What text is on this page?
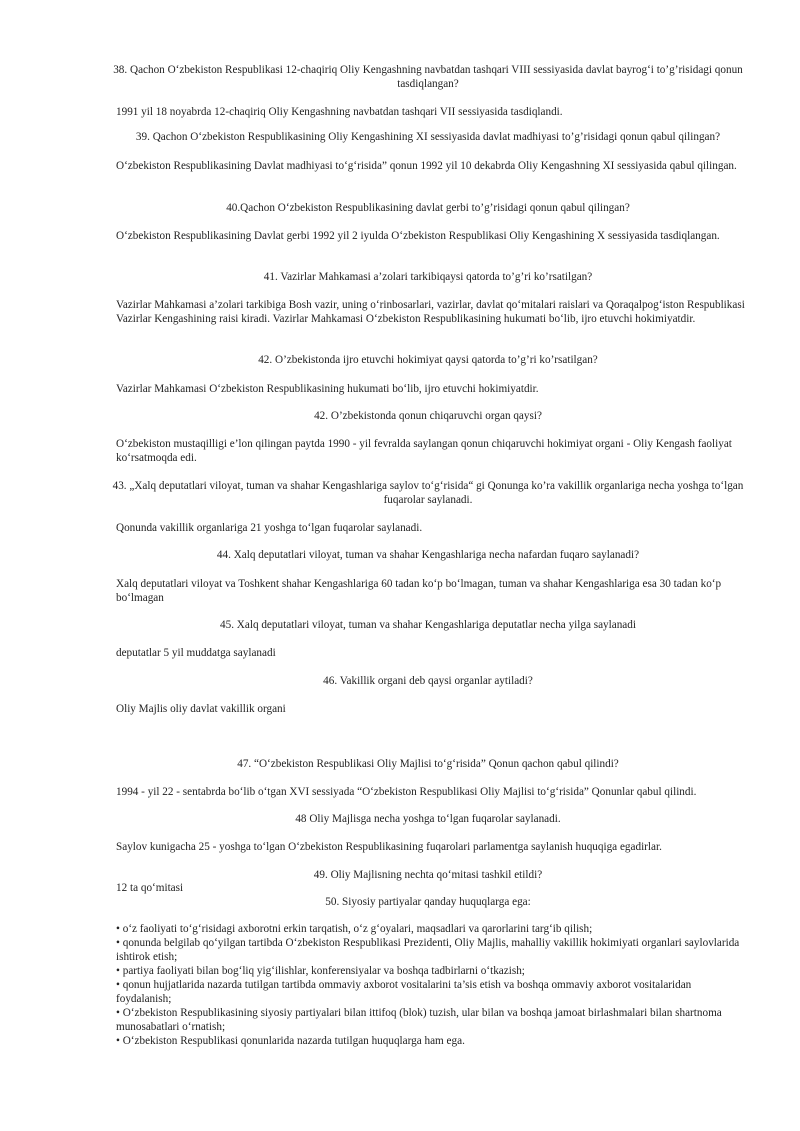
38. Qachon O‘zbekiston Respublikasi 12-chaqiriq Oliy Kengashning navbatdan tashqari VIII sessiyasida davlat bayrog‘i to’g’risidagi qonun tasdiqlangan?

1991 yil 18 noyabrda 12-chaqiriq Oliy Kengashning navbatdan tashqari VII sessiyasida tasdiqlandi.

39. Qachon O‘zbekiston Respublikasining Oliy Kengashining XI sessiyasida davlat madhiyasi to’g’risidagi qonun qabul qilingan?

O‘zbekiston Respublikasining Davlat madhiyasi to‘g‘risida” qonun 1992 yil 10 dekabrda Oliy Kengashning XI sessiyasida qabul qilingan.

40.Qachon O‘zbekiston Respublikasining davlat gerbi to’g’risidagi qonun qabul qilingan?

O‘zbekiston Respublikasining Davlat gerbi 1992 yil 2 iyulda O‘zbekiston Respublikasi Oliy Kengashining X sessiyasida tasdiqlangan.

41. Vazirlar Mahkamasi a’zolari tarkibiqaysi qatorda to’g’ri ko’rsatilgan?

Vazirlar Mahkamasi a’zolari tarkibiga Bosh vazir, uning o‘rinbosarlari, vazirlar, davlat qo‘mitalari raislari va Qoraqalpog‘iston Respublikasi Vazirlar Kengashining raisi kiradi. Vazirlar Mahkamasi O‘zbekiston Respublikasining hukumati bo‘lib, ijro etuvchi hokimiyatdir.

42. O’zbekistonda ijro etuvchi hokimiyat qaysi qatorda to’g’ri ko’rsatilgan?

Vazirlar Mahkamasi O‘zbekiston Respublikasining hukumati bo‘lib, ijro etuvchi hokimiyatdir.

42. O’zbekistonda qonun chiqaruvchi organ qaysi?

O‘zbekiston mustaqilligi e’lon qilingan paytda 1990 - yil fevralda saylangan qonun chiqaruvchi hokimiyat organi - Oliy Kengash faoliyat ko‘rsatmoqda edi.

43. „Xalq deputatlari viloyat, tuman va shahar Kengashlariga saylov to‘g‘risida“ gi Qonunga ko’ra vakillik organlariga necha yoshga to‘lgan fuqarolar saylanadi.

Qonunda vakillik organlariga 21 yoshga to‘lgan fuqarolar saylanadi.

44. Xalq deputatlari viloyat, tuman va shahar Kengashlariga necha nafardan fuqaro saylanadi?

Xalq deputatlari viloyat va Toshkent shahar Kengashlariga 60 tadan ko‘p bo‘lmagan, tuman va shahar Kengashlariga esa 30 tadan ko‘p bo‘lmagan

45. Xalq deputatlari viloyat, tuman va shahar Kengashlariga deputatlar necha yilga saylanadi

deputatlar 5 yil muddatga saylanadi

46. Vakillik organi deb qaysi organlar aytiladi?

Oliy Majlis oliy davlat vakillik organi

47. “O‘zbekiston Respublikasi Oliy Majlisi to‘g‘risida” Qonun qachon qabul qilindi?

1994 - yil 22 - sentabrda bo‘lib o‘tgan XVI sessiyada “O‘zbekiston Respublikasi Oliy Majlisi to‘g‘risida” Qonunlar qabul qilindi.

48 Oliy Majlisga necha yoshga to‘lgan fuqarolar saylanadi.

Saylov kunigacha 25 - yoshga to‘lgan O‘zbekiston Respublikasining fuqarolari parlamentga saylanish huquqiga egadirlar.

49. Oliy Majlisning nechta qo‘mitasi tashkil etildi?

12 ta qo‘mitasi

50. Siyosiy partiyalar qanday huquqlarga ega:

• o‘z faoliyati to‘g‘risidagi axborotni erkin tarqatish, o‘z g‘oyalari, maqsadlari va qarorlarini targ‘ib qilish;
• qonunda belgilab qo‘yilgan tartibda O‘zbekiston Respublikasi Prezidenti, Oliy Majlis, mahalliy vakillik hokimiyati organlari saylovlarida ishtirok etish;
• partiya faoliyati bilan bog‘liq yig‘ilishlar, konferensiyalar va boshqa tadbirlarni o‘tkazish;
• qonun hujjatlarida nazarda tutilgan tartibda ommaviy axborot vositalarini ta’sis etish va boshqa ommaviy axborot vositalaridan foydalanish;
• O‘zbekiston Respublikasining siyosiy partiyalari bilan ittifoq (blok) tuzish, ular bilan va boshqa jamoat birlashmalari bilan shartnoma munosabatlari o‘rnatish;
• O‘zbekiston Respublikasi qonunlarida nazarda tutilgan huquqlarga ham ega.
